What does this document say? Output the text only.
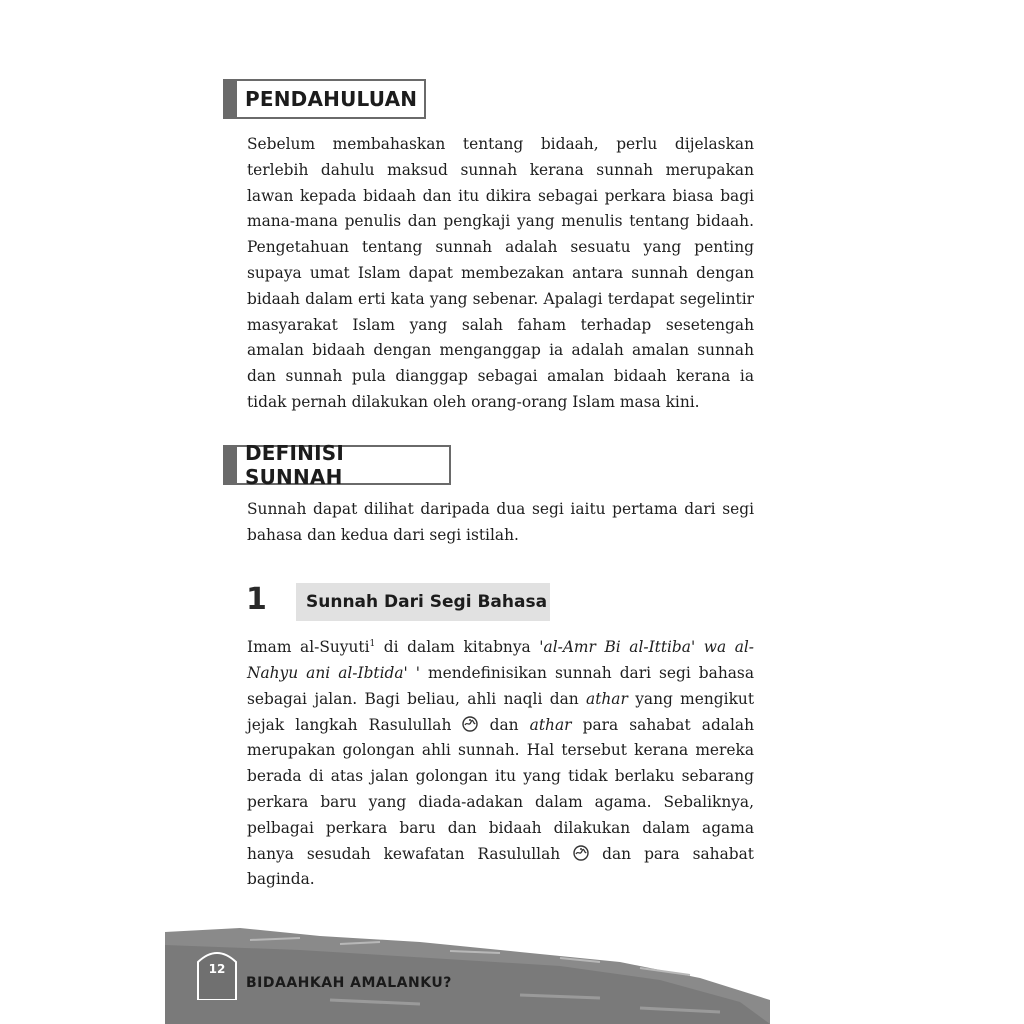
PENDAHULUAN

Sebelum membahaskan tentang bidaah, perlu dijelaskan terlebih dahulu maksud sunnah kerana sunnah merupakan lawan kepada bidaah dan itu dikira sebagai perkara biasa bagi mana-mana penulis dan pengkaji yang menulis tentang bidaah. Pengetahuan tentang sunnah adalah sesuatu yang penting supaya umat Islam dapat membezakan antara sunnah dengan bidaah dalam erti kata yang sebenar. Apalagi terdapat segelintir masyarakat Islam yang salah faham terhadap sesetengah amalan bidaah dengan menganggap ia adalah amalan sunnah dan sunnah pula dianggap sebagai amalan bidaah kerana ia tidak pernah dilakukan oleh orang-orang Islam masa kini.

DEFINISI SUNNAH

Sunnah dapat dilihat daripada dua segi iaitu pertama dari segi bahasa dan kedua dari segi istilah.

1 Sunnah Dari Segi Bahasa

Imam al-Suyuti$^1$ di dalam kitabnya 'al-Amr Bi al-Ittiba' wa al-Nahyu ani al-Ibtida' ' mendefinisikan sunnah dari segi bahasa sebagai jalan. Bagi beliau, ahli naqli dan athar yang mengikut jejak langkah Rasulullah  dan athar para sahabat adalah merupakan golongan ahli sunnah. Hal tersebut kerana mereka berada di atas jalan golongan itu yang tidak berlaku sebarang perkara baru yang diada-adakan dalam agama. Sebaliknya, pelbagai perkara baru dan bidaah dilakukan dalam agama hanya sesudah kewafatan Rasulullah  dan para sahabat baginda.

12
BIDAAHKAH AMALANKU?
